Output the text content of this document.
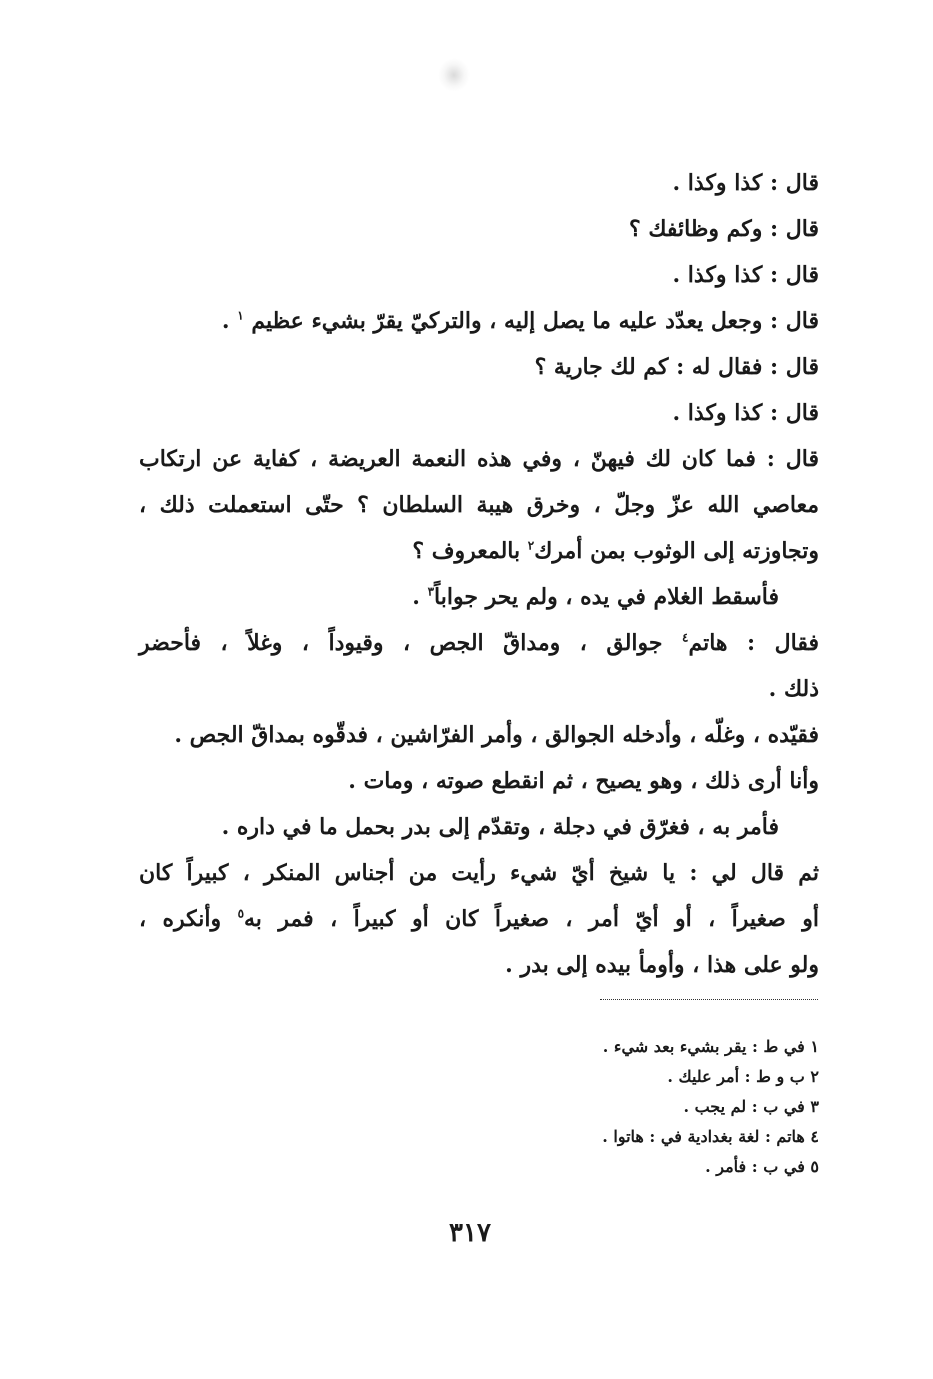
قال : كذا وكذا .
قال : وكم وظائفك ؟
قال : كذا وكذا .
قال : وجعل يعدّد عليه ما يصل إليه ، والتركيّ يقرّ بشيء عظيم $^١$ .
قال : فقال له : كم لك جارية ؟
قال : كذا وكذا .
قال : فما كان لك فيهنّ ، وفي هذه النعمة العريضة ، كفاية عن ارتكاب
معاصي الله عزّ وجلّ ، وخرق هيبة السلطان ؟ حتّى استعملت ذلك ،
وتجاوزته إلى الوثوب بمن أمرك$^٢$ بالمعروف ؟
فأسقط الغلام في يده ، ولم يحر جواباً$^٣$ .
فقال : هاتم$^٤$ جوالق ، ومداقّ الجص ، وقيوداً ، وغلاً ، فأحضر
ذلك .
فقيّده ، وغلّه ، وأدخله الجوالق ، وأمر الفرّاشين ، فدقّوه بمداقّ الجص .
وأنا أرى ذلك ، وهو يصيح ، ثم انقطع صوته ، ومات .
فأمر به ، فغرّق في دجلة ، وتقدّم إلى بدر بحمل ما في داره .
ثم قال لي : يا شيخ أيّ شيء رأيت من أجناس المنكر ، كبيراً كان
أو صغيراً ، أو أيّ أمر ، صغيراً كان أو كبيراً ، فمر به$^٥$ وأنكره ،
ولو على هذا ، وأومأ بيده إلى بدر .
١ في ط : يقر بشيء بعد شيء .
٢ ب و ط : أمر عليك .
٣ في ب : لم يجب .
٤ هاتم : لغة بغدادية في : هاتوا .
٥ في ب : فأمر .
٣١٧
